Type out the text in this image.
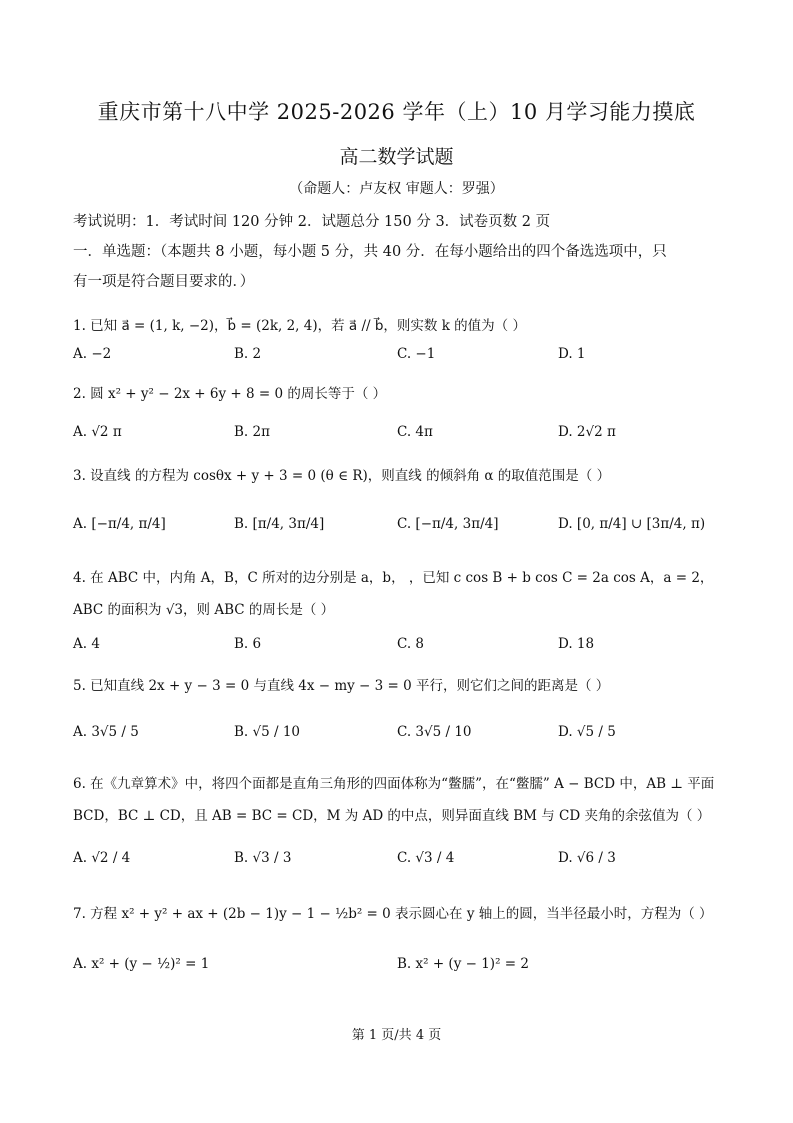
重庆市第十八中学 2025-2026 学年（上）10 月学习能力摸底
高二数学试题
（命题人：卢友权 审题人：罗强）
考试说明：1．考试时间 120 分钟 2．试题总分 150 分 3．试卷页数 2 页
一．单选题：（本题共 8 小题，每小题 5 分，共 40 分．在每小题给出的四个备选选项中，只
有一项是符合题目要求的．）
1. 已知 a⃗ = (1, k, −2)，b⃗ = (2k, 2, 4)，若 a⃗ // b⃗，则实数 k 的值为（ ）
A. −2	B. 2	C. −1	D. 1
2. 圆 x² + y² − 2x + 6y + 8 = 0 的周长等于（ ）
A. √2 π	B. 2π	C. 4π	D. 2√2 π
3. 设直线 的方程为 cosθx + y + 3 = 0 (θ ∈ R)，则直线 的倾斜角 α 的取值范围是（ ）
A. [−π/4, π/4]	B. [π/4, 3π/4]	C. [−π/4, 3π/4]	D. [0, π/4] ∪ [3π/4, π)
4. 在 ABC 中，内角 A，B，C 所对的边分别是 a，b， ，已知 c cos B + b cos C = 2a cos A，a = 2，
ABC 的面积为 √3，则 ABC 的周长是（ ）
A. 4	B. 6	C. 8	D. 18
5. 已知直线 2x + y − 3 = 0 与直线 4x − my − 3 = 0 平行，则它们之间的距离是（ ）
A. 3√5 / 5	B. √5 / 10	C. 3√5 / 10	D. √5 / 5
6. 在《九章算术》中，将四个面都是直角三角形的四面体称为“鳖臑”，在“鳖臑” A − BCD 中，AB ⊥ 平面
BCD，BC ⊥ CD，且 AB = BC = CD，M 为 AD 的中点，则异面直线 BM 与 CD 夹角的余弦值为（ ）
A. √2 / 4	B. √3 / 3	C. √3 / 4	D. √6 / 3
7. 方程 x² + y² + ax + (2b − 1)y − 1 − ½b² = 0 表示圆心在 y 轴上的圆，当半径最小时，方程为（ ）
A. x² + (y − ½)² = 1	B. x² + (y − 1)² = 2
第 1 页/共 4 页
